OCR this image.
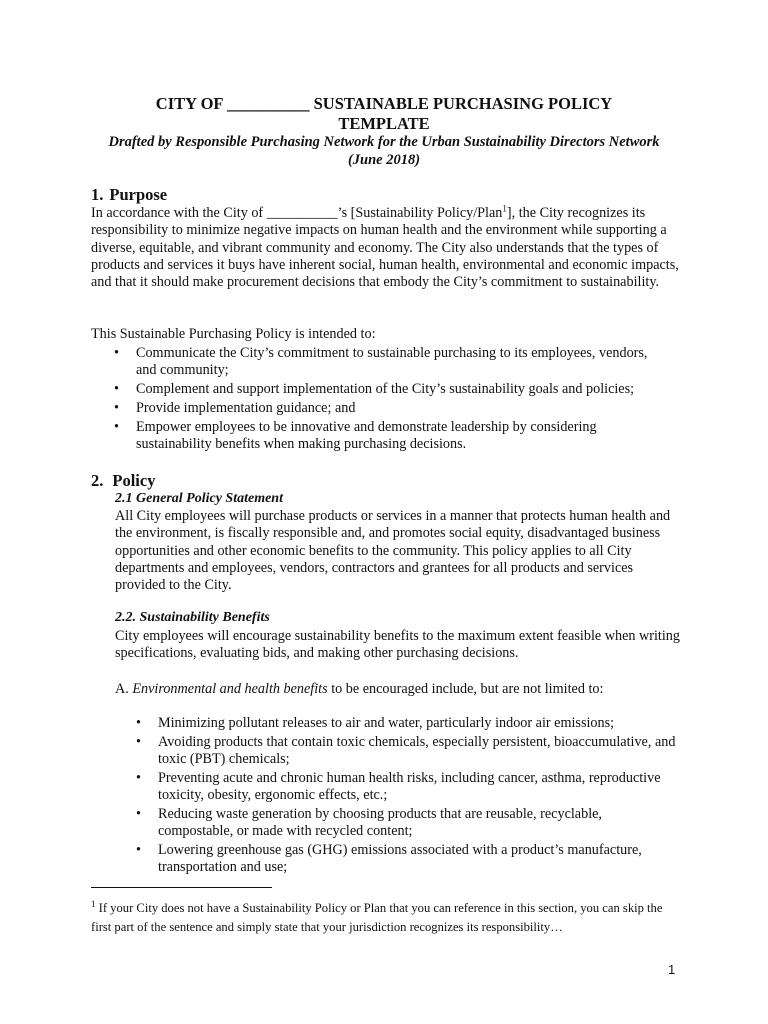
CITY OF __________ SUSTAINABLE PURCHASING POLICY
TEMPLATE
Drafted by Responsible Purchasing Network for the Urban Sustainability Directors Network
(June 2018)
1. Purpose

In accordance with the City of __________’s [Sustainability Policy/Plan$^1$], the City recognizes its responsibility to minimize negative impacts on human health and the environment while supporting a diverse, equitable, and vibrant community and economy. The City also understands that the types of products and services it buys have inherent social, human health, environmental and economic impacts, and that it should make procurement decisions that embody the City’s commitment to sustainability.

This Sustainable Purchasing Policy is intended to:

• Communicate the City’s commitment to sustainable purchasing to its employees, vendors, and community;
• Complement and support implementation of the City’s sustainability goals and policies;
• Provide implementation guidance; and
• Empower employees to be innovative and demonstrate leadership by considering sustainability benefits when making purchasing decisions.
2. Policy
2.1 General Policy Statement

All City employees will purchase products or services in a manner that protects human health and the environment, is fiscally responsible and, and promotes social equity, disadvantaged business opportunities and other economic benefits to the community. This policy applies to all City departments and employees, vendors, contractors and grantees for all products and services provided to the City.

2.2. Sustainability Benefits

City employees will encourage sustainability benefits to the maximum extent feasible when writing specifications, evaluating bids, and making other purchasing decisions.

A. Environmental and health benefits to be encouraged include, but are not limited to:

• Minimizing pollutant releases to air and water, particularly indoor air emissions;
• Avoiding products that contain toxic chemicals, especially persistent, bioaccumulative, and toxic (PBT) chemicals;
• Preventing acute and chronic human health risks, including cancer, asthma, reproductive toxicity, obesity, ergonomic effects, etc.;
• Reducing waste generation by choosing products that are reusable, recyclable, compostable, or made with recycled content;
• Lowering greenhouse gas (GHG) emissions associated with a product’s manufacture, transportation and use;
$^1$ If your City does not have a Sustainability Policy or Plan that you can reference in this section, you can skip the first part of the sentence and simply state that your jurisdiction recognizes its responsibility…
1
